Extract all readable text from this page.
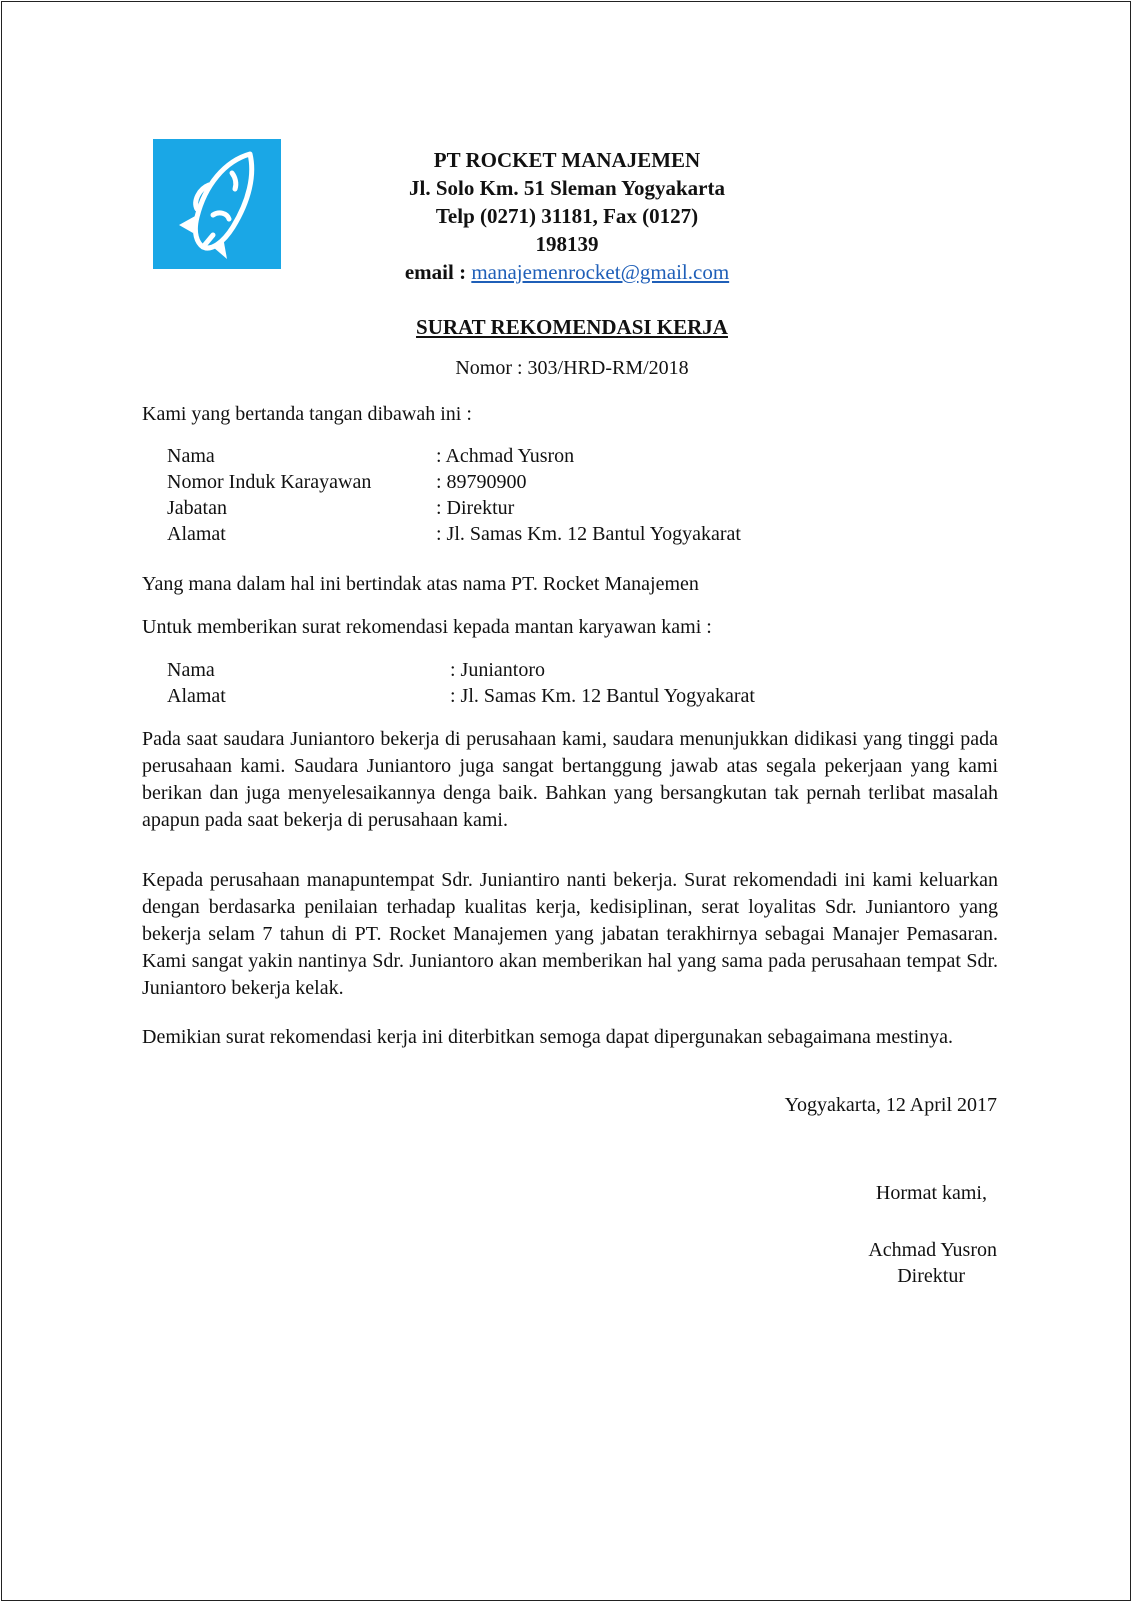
PT ROCKET MANAJEMEN
Jl. Solo Km. 51 Sleman Yogyakarta
Telp (0271) 31181, Fax (0127) 198139
email : manajemenrocket@gmail.com
SURAT REKOMENDASI KERJA
Nomor : 303/HRD-RM/2018
Kami yang bertanda tangan dibawah ini :
Nama	: Achmad Yusron
Nomor Induk Karayawan	: 89790900
Jabatan	: Direktur
Alamat	: Jl. Samas Km. 12 Bantul Yogyakarat
Yang mana dalam hal ini bertindak atas nama PT. Rocket Manajemen
Untuk memberikan surat rekomendasi kepada mantan karyawan kami :
Nama	: Juniantoro
Alamat	: Jl. Samas Km. 12 Bantul Yogyakarat
Pada saat saudara Juniantoro bekerja di perusahaan kami, saudara menunjukkan didikasi yang tinggi pada perusahaan kami. Saudara Juniantoro juga sangat bertanggung jawab atas segala pekerjaan yang kami berikan dan juga menyelesaikannya denga baik. Bahkan yang bersangkutan tak pernah terlibat masalah apapun pada saat bekerja di perusahaan kami.
Kepada perusahaan manapuntempat Sdr. Juniantiro nanti bekerja. Surat rekomendadi ini kami keluarkan dengan berdasarka penilaian terhadap kualitas kerja, kedisiplinan, serat loyalitas Sdr. Juniantoro yang bekerja selam 7 tahun di PT. Rocket Manajemen yang jabatan terakhirnya sebagai Manajer Pemasaran. Kami sangat yakin nantinya Sdr. Juniantoro akan memberikan hal yang sama pada perusahaan tempat Sdr. Juniantoro bekerja kelak.
Demikian surat rekomendasi kerja ini diterbitkan semoga dapat dipergunakan sebagaimana mestinya.
Yogyakarta, 12 April 2017
Hormat kami,
Achmad Yusron
Direktur
